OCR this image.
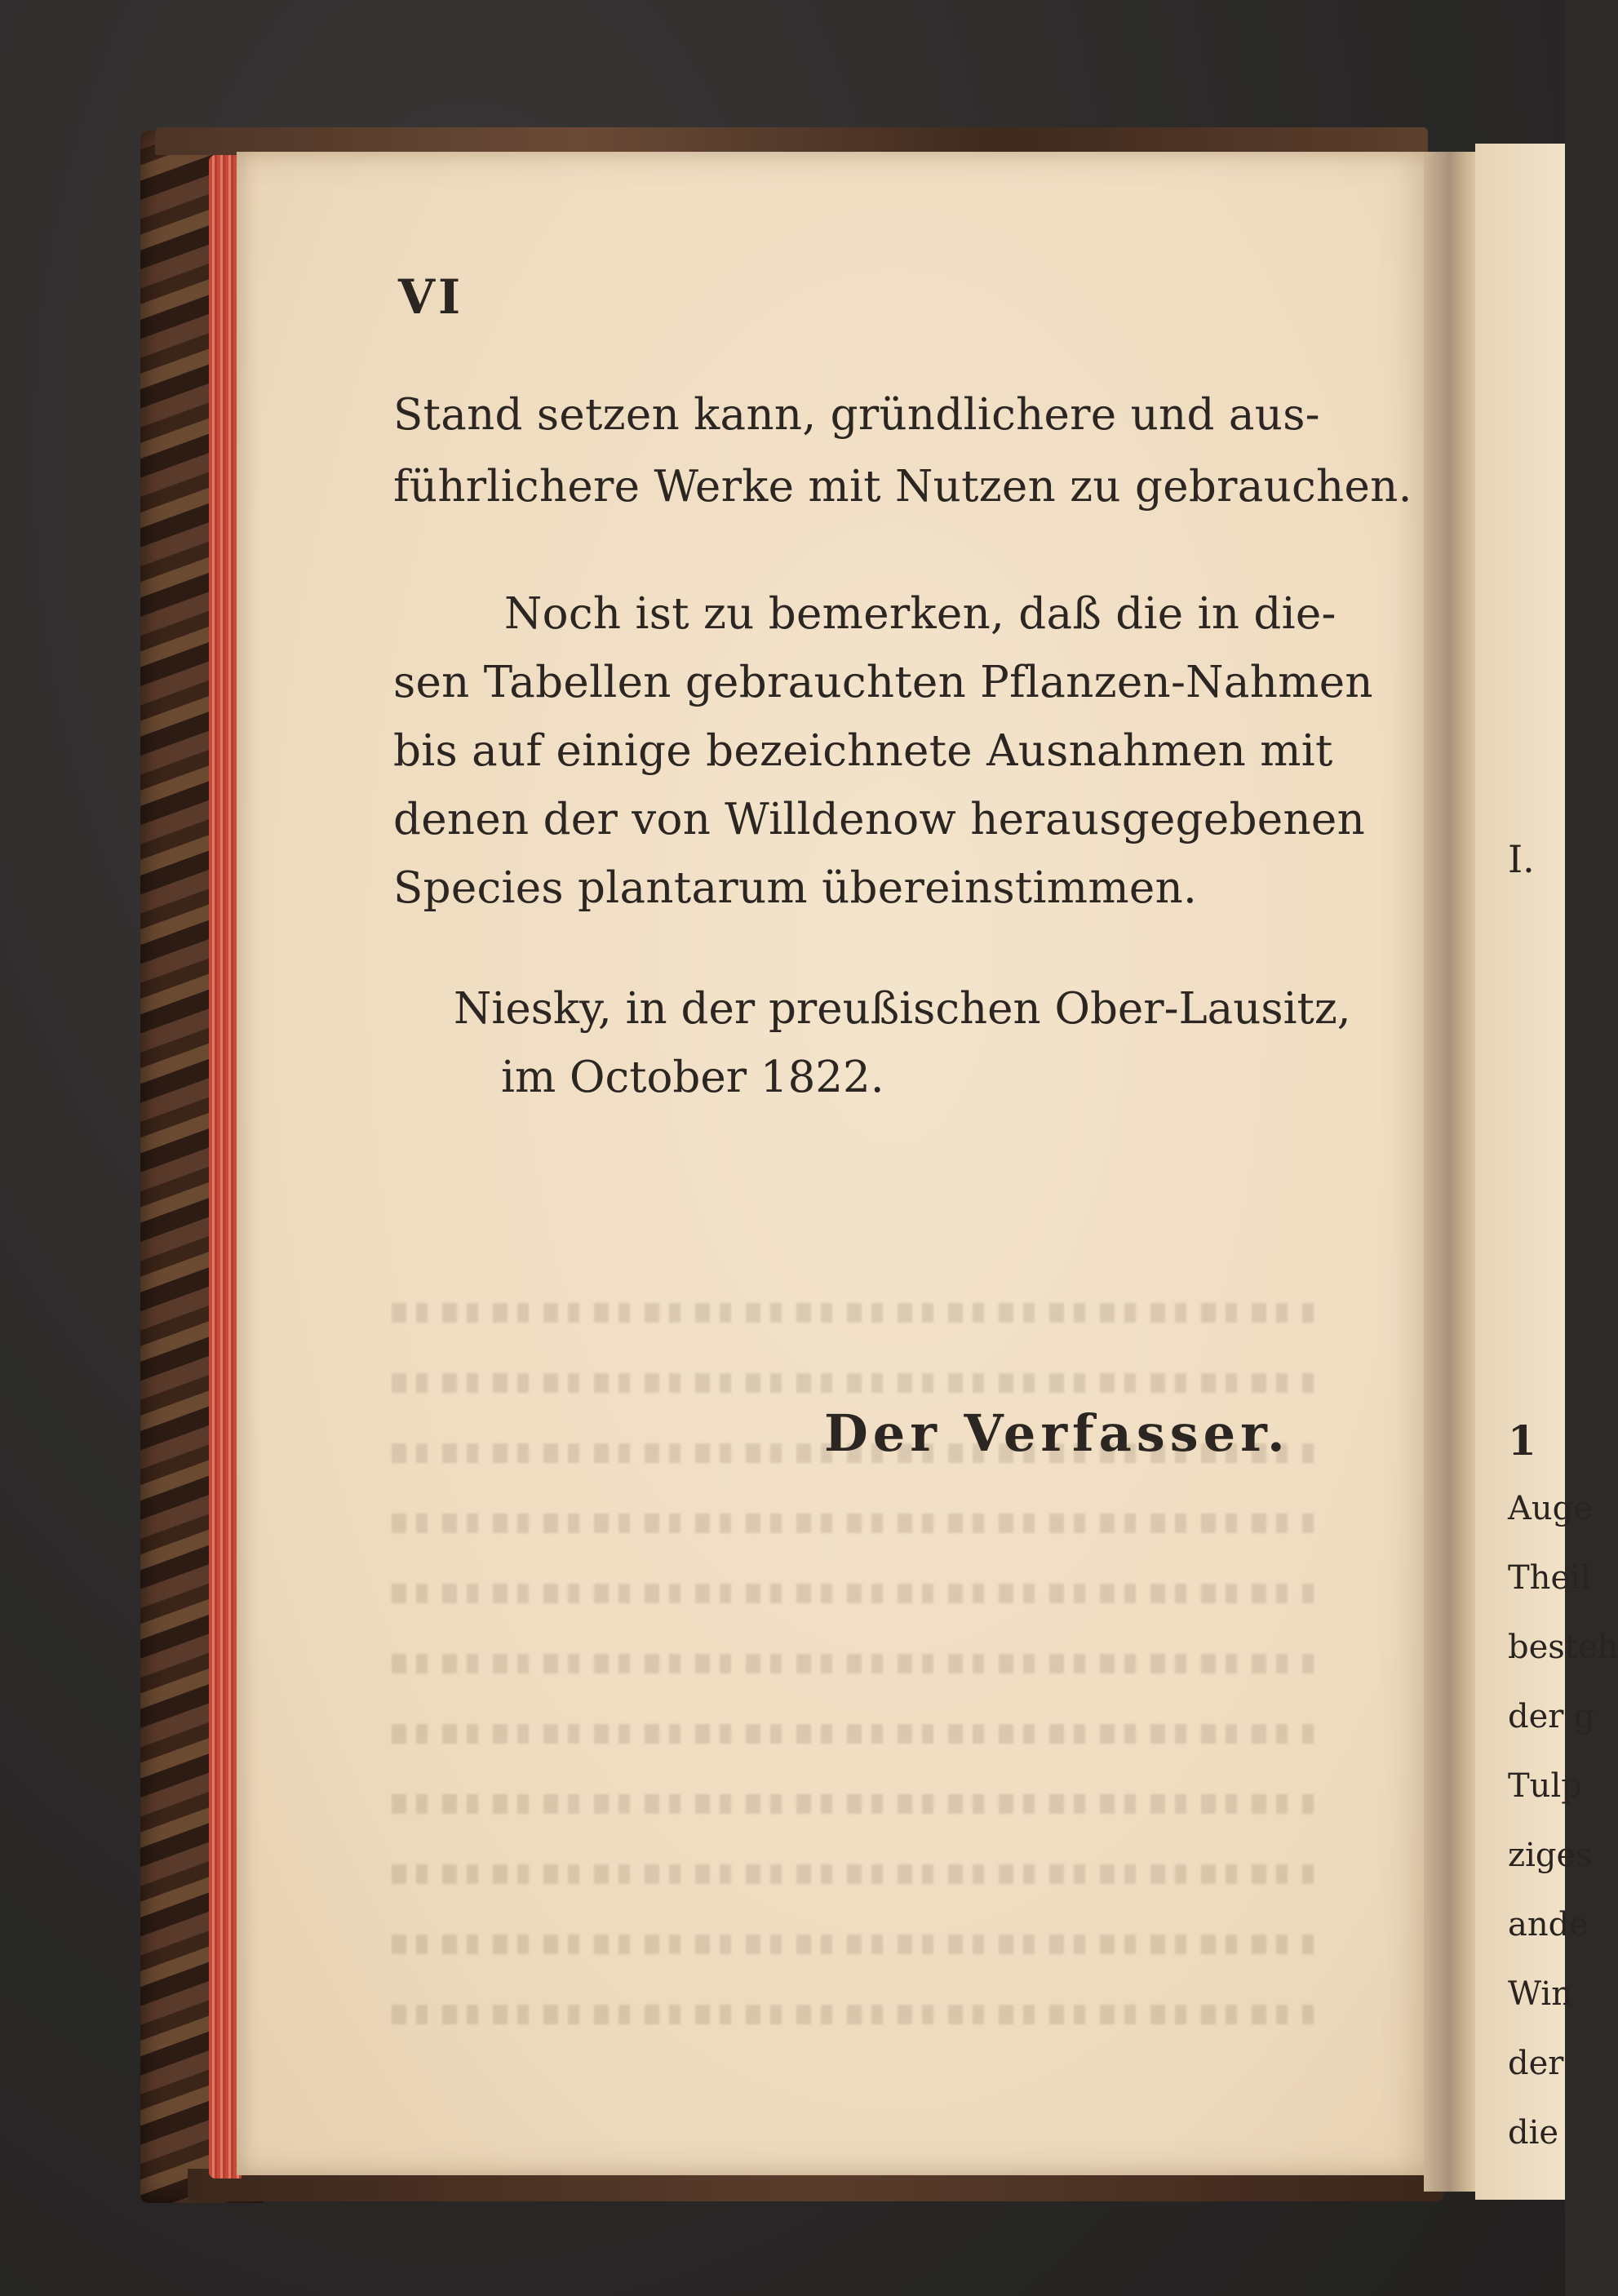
I.
1
Auge
Theil
besteh
der g
Tulp
ziges
ande
Win
der
die
VI
Stand setzen kann, gründlichere und aus-
führlichere Werke mit Nutzen zu gebrauchen.
Noch ist zu bemerken, daß die in die-
sen Tabellen gebrauchten Pflanzen-Nahmen
bis auf einige bezeichnete Ausnahmen mit
denen der von Willdenow herausgegebenen
Species plantarum übereinstimmen.
Niesky, in der preußischen Ober-Lausitz,
im October 1822.
Der Verfasser.
